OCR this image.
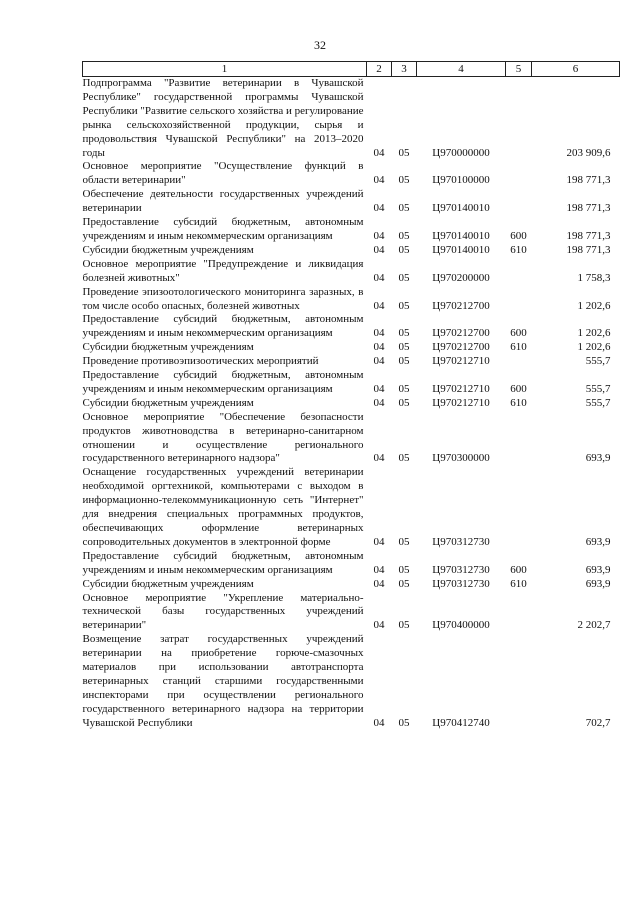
32
1	2	3	4	5	6

Подпрограмма "Развитие ветеринарии в Чувашской Республике" государственной программы Чувашской Республики "Развитие сельского хозяйства и регулирование рынка сельскохозяйственной продукции, сырья и продовольствия Чувашской Республики" на 2013–2020 годы	04	05	Ц970000000		203 909,6

Основное мероприятие "Осуществление функций в области ветеринарии"	04	05	Ц970100000		198 771,3

Обеспечение деятельности государственных учреждений ветеринарии	04	05	Ц970140010		198 771,3

Предоставление субсидий бюджетным, автономным учреждениям и иным некоммерческим организациям	04	05	Ц970140010	600	198 771,3

Субсидии бюджетным учреждениям	04	05	Ц970140010	610	198 771,3

Основное мероприятие "Предупреждение и ликвидация болезней животных"	04	05	Ц970200000		1 758,3

Проведение эпизоотологического мониторинга заразных, в том числе особо опасных, болезней животных	04	05	Ц970212700		1 202,6

Предоставление субсидий бюджетным, автономным учреждениям и иным некоммерческим организациям	04	05	Ц970212700	600	1 202,6

Субсидии бюджетным учреждениям	04	05	Ц970212700	610	1 202,6

Проведение противоэпизоотических мероприятий	04	05	Ц970212710		555,7

Предоставление субсидий бюджетным, автономным учреждениям и иным некоммерческим организациям	04	05	Ц970212710	600	555,7

Субсидии бюджетным учреждениям	04	05	Ц970212710	610	555,7

Основное мероприятие "Обеспечение безопасности продуктов животноводства в ветеринарно-санитарном отношении и осуществление регионального государственного ветеринарного надзора"	04	05	Ц970300000		693,9

Оснащение государственных учреждений ветеринарии необходимой оргтехникой, компьютерами с выходом в информационно-телекоммуникационную сеть "Интернет" для внедрения специальных программных продуктов, обеспечивающих оформление ветеринарных сопроводительных документов в электронной форме	04	05	Ц970312730		693,9

Предоставление субсидий бюджетным, автономным учреждениям и иным некоммерческим организациям	04	05	Ц970312730	600	693,9

Субсидии бюджетным учреждениям	04	05	Ц970312730	610	693,9

Основное мероприятие "Укрепление материально-технической базы государственных учреждений ветеринарии"	04	05	Ц970400000		2 202,7

Возмещение затрат государственных учреждений ветеринарии на приобретение горюче-смазочных материалов при использовании автотранспорта ветеринарных станций старшими государственными инспекторами при осуществлении регионального государственного ветеринарного надзора на территории Чувашской Республики	04	05	Ц970412740		702,7
